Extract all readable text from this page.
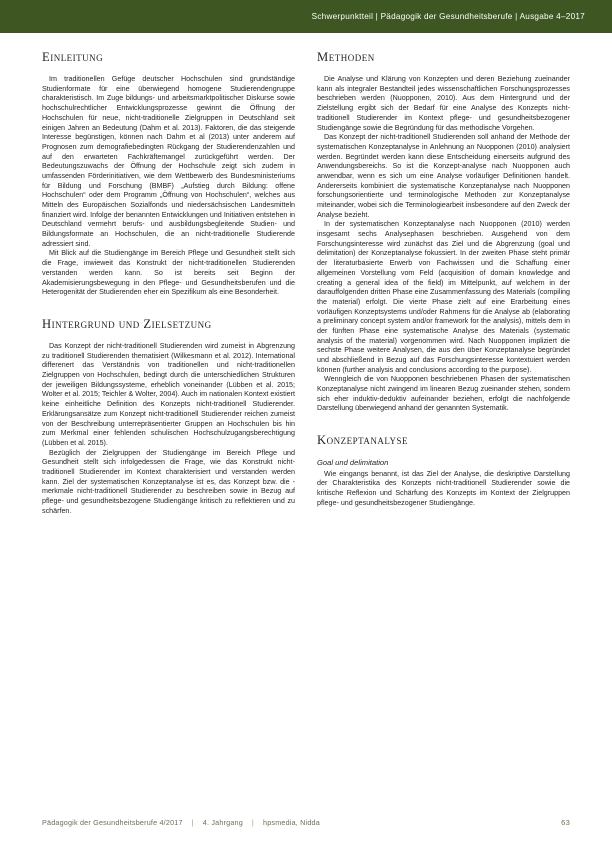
Schwerpunktteil | Pädagogik der Gesundheitsberufe | Ausgabe 4–2017
Einleitung

Im traditionellen Gefüge deutscher Hochschulen sind grundständige Studienformate für eine überwiegend homogene Studierendengruppe charakteristisch. Im Zuge bildungs- und arbeitsmarktpolitischer Diskurse sowie hochschulrechtlicher Entwicklungsprozesse gewinnt die Öffnung der Hochschulen für neue, nicht-traditionelle Zielgruppen in Deutschland seit einigen Jahren an Bedeutung (Dahm et al. 2013). Faktoren, die das steigende Interesse begünstigen, können nach Dahm et al (2013) unter anderem auf Prognosen zum demografiebedingten Rückgang der Studierendenzahlen und auf den erwarteten Fachkräftemangel zurückgeführt werden. Der Bedeutungszuwachs der Öffnung der Hochschule zeigt sich zudem in umfassenden Förderinitiativen, wie dem Wettbewerb des Bundesministeriums für Bildung und Forschung (BMBF) „Aufstieg durch Bildung: offene Hochschulen“ oder dem Programm „Öffnung von Hochschulen“, welches aus Mitteln des Europäischen Sozialfonds und niedersächsischen Landesmitteln finanziert wird. Infolge der benannten Entwicklungen und Initiativen entstehen in Deutschland vermehrt berufs- und ausbildungsbegleitende Studien- und Bildungsformate an Hochschulen, die an nicht-traditionelle Studierende adressiert sind.

Mit Blick auf die Studiengänge im Bereich Pflege und Gesundheit stellt sich die Frage, inwieweit das Konstrukt der nicht-traditionellen Studierenden verstanden werden kann. So ist bereits seit Beginn der Akademisierungsbewegung in den Pflege- und Gesundheitsberufen und die Heterogenität der Studierenden eher ein Spezifikum als eine Besonderheit.

Hintergrund und Zielsetzung

Das Konzept der nicht-traditionell Studierenden wird zumeist in Abgrenzung zu traditionell Studierenden thematisiert (Wilkesmann et al. 2012). International differenert das Verständnis von traditionellen und nicht-traditionellen Zielgruppen von Hochschulen, bedingt durch die unterschiedlichen Strukturen der jeweiligen Bildungssysteme, erheblich voneinander (Lübben et al. 2015; Wolter et al. 2015; Teichler & Wolter, 2004). Auch im nationalen Kontext existiert keine einheitliche Definition des Konzepts nicht-traditionell Studierender. Erklärungsansätze zum Konzept nicht-traditionell Studierender reichen zumeist von der Beschreibung unterrepräsentierter Gruppen an Hochschulen bis hin zum Merkmal einer fehlenden schulischen Hochschulzugangsberechtigung (Lübben et al. 2015).

Bezüglich der Zielgruppen der Studiengänge im Bereich Pflege und Gesundheit stellt sich infolgedessen die Frage, wie das Konstrukt nicht-traditionell Studierender im Kontext charakterisiert und verstanden werden kann. Ziel der systematischen Konzeptanalyse ist es, das Konzept bzw. die -merkmale nicht-traditionell Studierender zu beschreiben sowie in Bezug auf pflege- und gesundheitsbezogene Studiengänge kritisch zu reflektieren und zu schärfen.

Methoden

Die Analyse und Klärung von Konzepten und deren Beziehung zueinander kann als integraler Bestandteil jedes wissenschaftlichen Forschungsprozesses beschrieben werden (Nuopponen, 2010). Aus dem Hintergrund und der Zielstellung ergibt sich der Bedarf für eine Analyse des Konzepts nicht-traditionell Studierender im Kontext pflege- und gesundheitsbezogener Studiengänge sowie die Begründung für das methodische Vorgehen.

Das Konzept der nicht-traditionell Studierenden soll anhand der Methode der systematischen Konzeptanalyse in Anlehnung an Nuopponen (2010) analysiert werden. Begründet werden kann diese Entscheidung einerseits aufgrund des Anwendungsbereichs. So ist die Konzept-analyse nach Nuopponen auch anwendbar, wenn es sich um eine Analyse vorläufiger Definitionen handelt. Andererseits kombiniert die systematische Konzeptanalyse nach Nuopponen forschungsorientierte und terminologische Methoden zur Konzeptanalyse miteinander, wobei sich die Terminologiearbeit insbesondere auf den Zweck der Analyse bezieht.

In der systematischen Konzeptanalyse nach Nuopponen (2010) werden insgesamt sechs Analysephasen beschrieben. Ausgehend von dem Forschungsinteresse wird zunächst das Ziel und die Abgrenzung (goal und delimitation) der Konzeptanalyse fokussiert. In der zweiten Phase steht primär der literaturbasierte Erwerb von Fachwissen und die Schaffung einer allgemeinen Vorstellung vom Feld (acquisition of domain knowledge and creating a general idea of the field) im Mittelpunkt, auf welchem in der darauffolgenden dritten Phase eine Zusammenfassung des Materials (compiling the material) erfolgt. Die vierte Phase zielt auf eine Erarbeitung eines vorläufigen Konzeptsystems und/oder Rahmens für die Analyse ab (elaborating a preliminary concept system and/or framework for the analysis), mittels dem in der fünften Phase eine systematische Analyse des Materials (systematic analysis of the material) vorgenommen wird. Nach Nuopponen impliziert die sechste Phase weitere Analysen, die aus den über Konzeptanalyse begründet und abschließend in Bezug auf das Forschungsinteresse kontextuiert werden können (further analysis and conclusions according to the purpose).

Wenngleich die von Nuopponen beschriebenen Phasen der systematischen Konzeptanalyse nicht zwingend im linearen Bezug zueinander stehen, sondern sich eher induktiv-deduktiv aufeinander beziehen, erfolgt die nachfolgende Darstellung überwiegend anhand der genannten Systematik.

Konzeptanalyse
Goal und delimitation

Wie eingangs benannt, ist das Ziel der Analyse, die deskriptive Darstellung der Charakteristika des Konzepts nicht-traditionell Studierender sowie die kritische Reflexion und Schärfung des Konzepts im Kontext der Zielgruppen pflege- und gesundheitsbezogener Studiengänge.

Pädagogik der Gesundheitsberufe 4/2017 | 4. Jahrgang | hpsmedia, Nidda	63
